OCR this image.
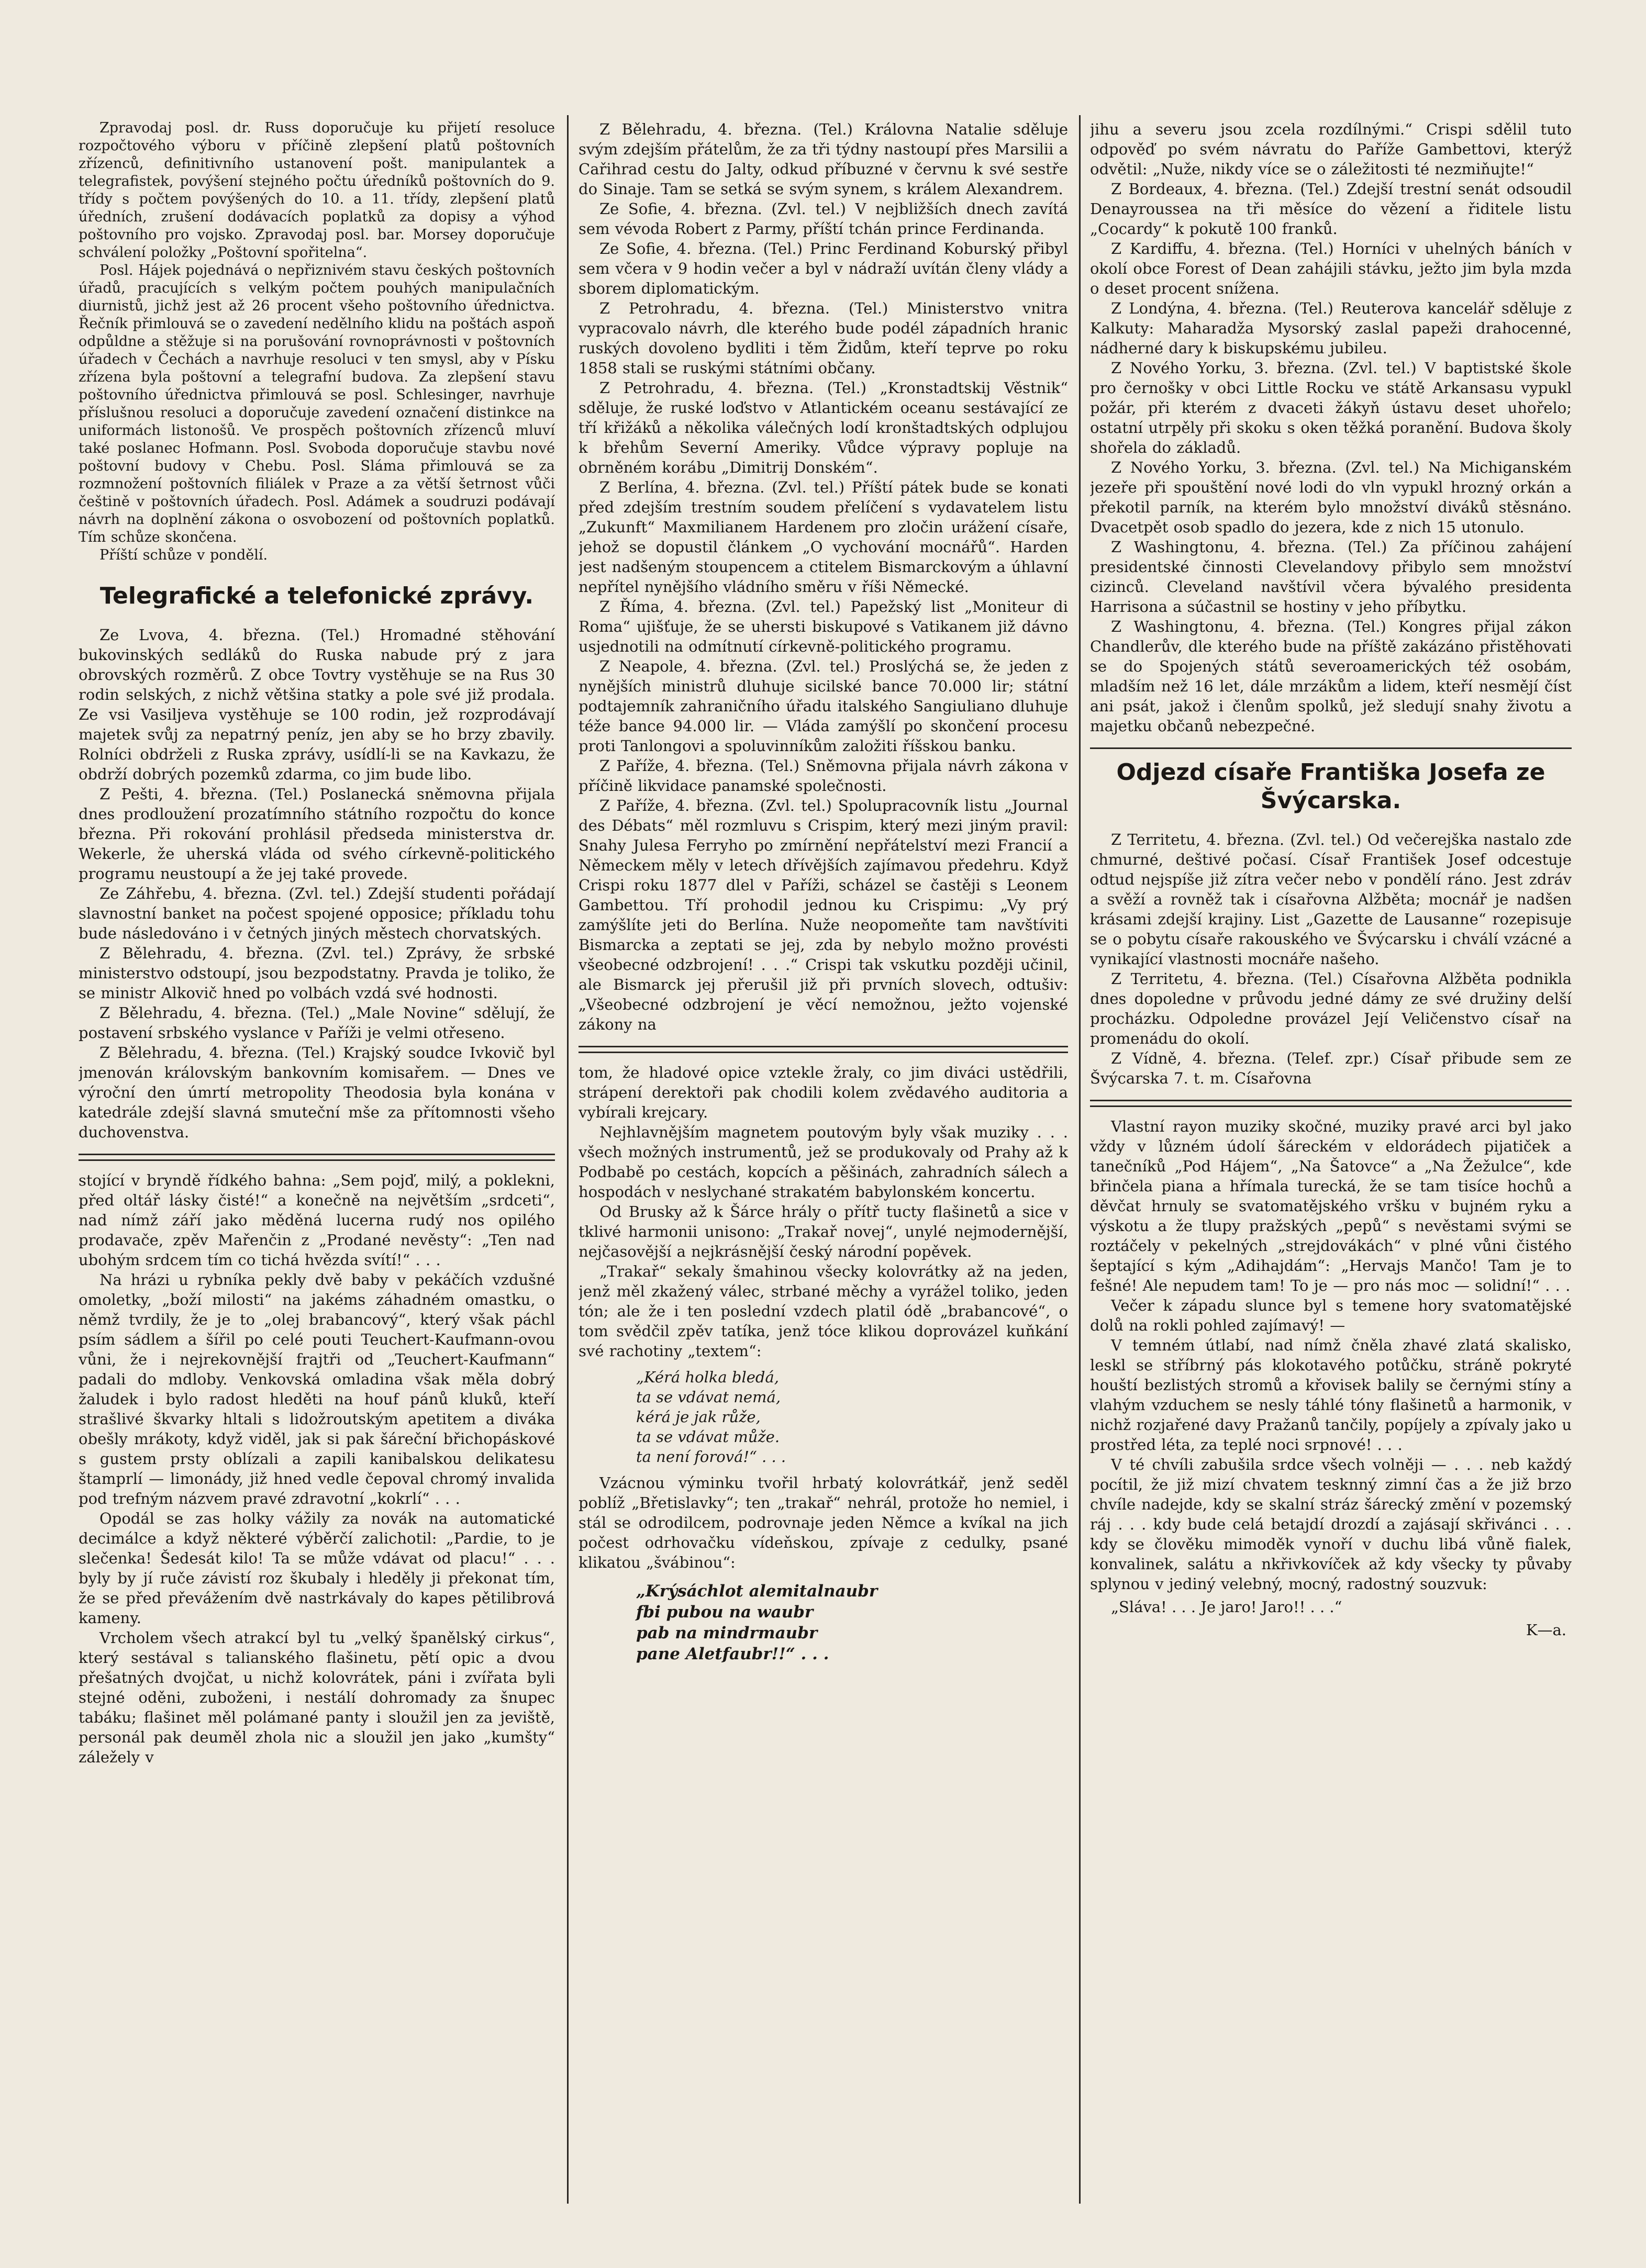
Zpravodaj posl. dr. Russ doporučuje ku přijetí resoluce rozpočtového výboru v příčině zlepšení platů poštovních zřízenců, definitivního ustanovení pošt. manipulantek a telegrafistek, povýšení stejného počtu úředníků poštovních do 9. třídy s počtem povýšených do 10. a 11. třídy, zlepšení platů úředních, zrušení dodávacích poplatků za dopisy a výhod poštovního pro vojsko. Zpravodaj posl. bar. Morsey doporučuje schválení položky „Poštovní spořitelna“.

Posl. Hájek pojednává o nepřiznivém stavu českých poštovních úřadů, pracujících s velkým počtem pouhých manipulačních diurnistů, jichž jest až 26 procent všeho poštovního úřednictva. Řečník přimlouvá se o zavedení nedělního klidu na poštách aspoň odpůldne a stěžuje si na porušování rovnoprávnosti v poštovních úřadech v Čechách a navrhuje resoluci v ten smysl, aby v Písku zřízena byla poštovní a telegrafní budova. Za zlepšení stavu poštovního úřednictva přimlouvá se posl. Schlesinger, navrhuje příslušnou resoluci a doporučuje zavedení označení distinkce na uniformách listonošů. Ve prospěch poštovních zřízenců mluví také poslanec Hofmann. Posl. Svoboda doporučuje stavbu nové poštovní budovy v Chebu. Posl. Sláma přimlouvá se za rozmnožení poštovních filiálek v Praze a za větší šetrnost vůči češtině v poštovních úřadech. Posl. Adámek a soudruzi podávají návrh na doplnění zákona o osvobození od poštovních poplatků. Tím schůze skončena.

Příští schůze v pondělí.

Telegrafické a telefonické zprávy.

Ze Lvova, 4. března. (Tel.) Hromadné stěhování bukovinských sedláků do Ruska nabude prý z jara obrovských rozměrů. Z obce Tovtry vystěhuje se na Rus 30 rodin selských, z nichž většina statky a pole své již prodala. Ze vsi Vasiljeva vystěhuje se 100 rodin, jež rozprodávají majetek svůj za nepatrný peníz, jen aby se ho brzy zbavily. Rolníci obdrželi z Ruska zprávy, usídlí-li se na Kavkazu, že obdrží dobrých pozemků zdarma, co jim bude libo.

Z Pešti, 4. března. (Tel.) Poslanecká sněmovna přijala dnes prodloužení prozatímního státního rozpočtu do konce března. Při rokování prohlásil předseda ministerstva dr. Wekerle, že uherská vláda od svého církevně-politického programu neustoupí a že jej také provede.

Ze Záhřebu, 4. března. (Zvl. tel.) Zdejší studenti pořádají slavnostní banket na počest spojené opposice; příkladu tohu bude následováno i v četných jiných městech chorvatských.

Z Bělehradu, 4. března. (Zvl. tel.) Zprávy, že srbské ministerstvo odstoupí, jsou bezpodstatny. Pravda je toliko, že se ministr Alkovič hned po volbách vzdá své hodnosti.

Z Bělehradu, 4. března. (Tel.) „Male Novine“ sdělují, že postavení srbského vyslance v Paříži je velmi otřeseno.

Z Bělehradu, 4. března. (Tel.) Krajský soudce Ivkovič byl jmenován královským bankovním komisařem. — Dnes ve výroční den úmrtí metropolity Theodosia byla konána v katedrále zdejší slavná smuteční mše za přítomnosti všeho duchovenstva.

stojící v bryndě řídkého bahna: „Sem pojď, milý, a poklekni, před oltář lásky čisté!“ a konečně na největším „srdceti“, nad nímž září jako měděná lucerna rudý nos opilého prodavače, zpěv Mařenčin z „Prodané nevěsty“: „Ten nad ubohým srdcem tím co tichá hvězda svítí!“ . . .

Na hrázi u rybníka pekly dvě baby v pekáčích vzdušné omoletky, „boží milosti“ na jakéms záhadném omastku, o němž tvrdily, že je to „olej brabancový“, který však páchl psím sádlem a šířil po celé pouti Teuchert-Kaufmann-ovou vůni, že i nejrekovnější frajtři od „Teuchert-Kaufmann“ padali do mdloby. Venkovská omladina však měla dobrý žaludek i bylo radost hleděti na houf pánů kluků, kteří strašlivé škvarky hltali s lidožroutským apetitem a diváka obešly mrákoty, když viděl, jak si pak šáreční břichopáskové s gustem prsty oblízali a zapili kanibalskou delikatesu štamprlí — limonády, již hned vedle čepoval chromý invalida pod trefným názvem pravé zdravotní „kokrlí“ . . .

Opodál se zas holky vážily za novák na automatické decimálce a když některé výběrčí zalichotil: „Pardie, to je slečenka! Šedesát kilo! Ta se může vdávat od placu!“ . . . byly by jí ruče závistí roz škubaly i hleděly ji překonat tím, že se před převážením dvě nastrkávaly do kapes pětilibrová kameny.

Vrcholem všech atrakcí byl tu „velký španělský cirkus“, který sestával s talianského flašinetu, pětí opic a dvou přešatných dvojčat, u nichž kolovrátek, páni i zvířata byli stejné oděni, zuboženi, i nestálí dohromady za šnupec tabáku; flašinet měl polámané panty i sloužil jen za jeviště, personál pak deuměl zhola nic a sloužil jen jako „kumšty“ záležely v

Z Bělehradu, 4. března. (Tel.) Královna Natalie sděluje svým zdejším přátelům, že za tři týdny nastoupí přes Marsilii a Cařihrad cestu do Jalty, odkud příbuzné v červnu k své sestře do Sinaje. Tam se setká se svým synem, s králem Alexandrem.

Ze Sofie, 4. března. (Zvl. tel.) V nejbližších dnech zavítá sem vévoda Robert z Parmy, příští tchán prince Ferdinanda.

Ze Sofie, 4. března. (Tel.) Princ Ferdinand Koburský přibyl sem včera v 9 hodin večer a byl v nádraží uvítán členy vlády a sborem diplomatickým.

Z Petrohradu, 4. března. (Tel.) Ministerstvo vnitra vypracovalo návrh, dle kterého bude podél západních hranic ruských dovoleno bydliti i těm Židům, kteří teprve po roku 1858 stali se ruskými státními občany.

Z Petrohradu, 4. března. (Tel.) „Kronstadtskij Věstnik“ sděluje, že ruské loďstvo v Atlantickém oceanu sestávající ze tří křižáků a několika válečných lodí kronštadtských odplujou k břehům Severní Ameriky. Vůdce výpravy popluje na obrněném korábu „Dimitrij Donském“.

Z Berlína, 4. března. (Zvl. tel.) Příští pátek bude se konati před zdejším trestním soudem přelíčení s vydavatelem listu „Zukunft“ Maxmilianem Hardenem pro zločin urážení císaře, jehož se dopustil článkem „O vychování mocnářů“. Harden jest nadšeným stoupencem a ctitelem Bismarckovým a úhlavní nepřítel nynějšího vládního směru v říši Německé.

Z Říma, 4. března. (Zvl. tel.) Papežský list „Moniteur di Roma“ ujišťuje, že se uhersti biskupové s Vatikanem již dávno usjednotili na odmítnutí církevně-politického programu.

Z Neapole, 4. března. (Zvl. tel.) Proslýchá se, že jeden z nynějších ministrů dluhuje sicilské bance 70.000 lir; státní podtajemník zahraničního úřadu italského Sangiuliano dluhuje téže bance 94.000 lir. — Vláda zamýšlí po skončení procesu proti Tanlongovi a spoluvinníkům založiti říšskou banku.

Z Paříže, 4. března. (Tel.) Sněmovna přijala návrh zákona v příčině likvidace panamské společnosti.

Z Paříže, 4. března. (Zvl. tel.) Spolupracovník listu „Journal des Débats“ měl rozmluvu s Crispim, který mezi jiným pravil: Snahy Julesa Ferryho po zmírnění nepřátelství mezi Francií a Německem měly v letech dřívějších zajímavou předehru. Když Crispi roku 1877 dlel v Paříži, scházel se častěji s Leonem Gambettou. Tří prohodil jednou ku Crispimu: „Vy prý zamýšlíte jeti do Berlína. Nuže neopomeňte tam navštíviti Bismarcka a zeptati se jej, zda by nebylo možno provésti všeobecné odzbrojení! . . .“ Crispi tak vskutku později učinil, ale Bismarck jej přerušil již při prvních slovech, odtušiv: „Všeobecné odzbrojení je věcí nemožnou, ježto vojenské zákony na

tom, že hladové opice vztekle žraly, co jim diváci ustědřili, strápení derektoři pak chodili kolem zvědavého auditoria a vybírali krejcary.

Nejhlavnějším magnetem poutovým byly však muziky . . . všech možných instrumentů, jež se produkovaly od Prahy až k Podbabě po cestách, kopcích a pěšinách, zahradních sálech a hospodách v neslychané strakatém babylonském koncertu.

Od Brusky až k Šárce hrály o přítř tucty flašinetů a sice v tklivé harmonii unisono: „Trakař novej“, unylé nejmodernější, nejčasovější a nejkrásnější český národní popěvek.

„Trakař“ sekaly šmahinou všecky kolovrátky až na jeden, jenž měl zkažený válec, strbané měchy a vyrážel toliko, jeden tón; ale že i ten poslední vzdech platil ódě „brabancové“, o tom svědčil zpěv tatíka, jenž tóce klikou doprovázel kuňkání své rachotiny „textem“:

„Kérá holka bledá,
ta se vdávat nemá,
kérá je jak růže,
ta se vdávat může.
ta není forová!“ . . .

Vzácnou výminku tvořil hrbatý kolovrátkář, jenž seděl poblíž „Břetislavky“; ten „trakař“ nehrál, protože ho nemiel, i stál se odrodilcem, podrovnaje jeden Němce a kvíkal na jich počest odrhovačku vídeňskou, zpívaje z cedulky, psané klikatou „švábinou“:

„Krýsáchlot alemitalnaubr
fbi pubou na waubr
pab na mindrmaubr
pane Aletfaubr!!“ . . .

jihu a severu jsou zcela rozdílnými.“ Crispi sdělil tuto odpověď po svém návratu do Paříže Gambettovi, kterýž odvětil: „Nuže, nikdy více se o záležitosti té nezmiňujte!“

Z Bordeaux, 4. března. (Tel.) Zdejší trestní senát odsoudil Denayroussea na tři měsíce do vězení a řiditele listu „Cocardy“ k pokutě 100 franků.

Z Kardiffu, 4. března. (Tel.) Horníci v uhelných báních v okolí obce Forest of Dean zahájili stávku, ježto jim byla mzda o deset procent snížena.

Z Londýna, 4. března. (Tel.) Reuterova kancelář sděluje z Kalkuty: Maharadža Mysorský zaslal papeži drahocenné, nádherné dary k biskupskému jubileu.

Z Nového Yorku, 3. března. (Zvl. tel.) V baptistské škole pro černošky v obci Little Rocku ve státě Arkansasu vypukl požár, při kterém z dvaceti žákyň ústavu deset uhořelo; ostatní utrpěly při skoku s oken těžká poranění. Budova školy shořela do základů.

Z Nového Yorku, 3. března. (Zvl. tel.) Na Michiganském jezeře při spouštění nové lodi do vln vypukl hrozný orkán a překotil parník, na kterém bylo množství diváků stěsnáno. Dvacetpět osob spadlo do jezera, kde z nich 15 utonulo.

Z Washingtonu, 4. března. (Tel.) Za příčinou zahájení presidentské činnosti Clevelandovy přibylo sem množství cizinců. Cleveland navštívil včera bývalého presidenta Harrisona a súčastnil se hostiny v jeho příbytku.

Z Washingtonu, 4. března. (Tel.) Kongres přijal zákon Chandlerův, dle kterého bude na příště zakázáno přistěhovati se do Spojených států severoamerických též osobám, mladším než 16 let, dále mrzákům a lidem, kteří nesmějí číst ani psát, jakož i členům spolků, jež sledují snahy životu a majetku občanů nebezpečné.

Odjezd císaře Františka Josefa ze Švýcarska.

Z Territetu, 4. března. (Zvl. tel.) Od večerejška nastalo zde chmurné, deštivé počasí. Císař František Josef odcestuje odtud nejspíše již zítra večer nebo v pondělí ráno. Jest zdráv a svěží a rovněž tak i císařovna Alžběta; mocnář je nadšen krásami zdejší krajiny. List „Gazette de Lausanne“ rozepisuje se o pobytu císaře rakouského ve Švýcarsku i chválí vzácné a vynikající vlastnosti mocnáře našeho.

Z Territetu, 4. března. (Tel.) Císařovna Alžběta podnikla dnes dopoledne v průvodu jedné dámy ze své družiny delší procházku. Odpoledne provázel Její Veličenstvo císař na promenádu do okolí.

Z Vídně, 4. března. (Telef. zpr.) Císař přibude sem ze Švýcarska 7. t. m. Císařovna

Vlastní rayon muziky skočné, muziky pravé arci byl jako vždy v lůzném údolí šáreckém v eldorádech pijatiček a tanečníků „Pod Hájem“, „Na Šatovce“ a „Na Žežulce“, kde břinčela piana a hřímala turecká, že se tam tisíce hochů a děvčat hrnuly se svatomatějského vršku v bujném ryku a výskotu a že tlupy pražských „pepů“ s nevěstami svými se roztáčely v pekelných „strejdovákách“ v plné vůni čistého šeptající s kým „Adihajdám“: „Hervajs Mančo! Tam je to fešné! Ale nepudem tam! To je — pro nás moc — solidní!“ . . .

Večer k západu slunce byl s temene hory svatomatějské dolů na rokli pohled zajímavý! —

V temném útlabí, nad nímž čněla zhavé zlatá skalisko, leskl se stříbrný pás klokotavého potůčku, stráně pokryté houští bezlistých stromů a křovisek balily se černými stíny a vlahým vzduchem se nesly táhlé tóny flašinetů a harmonik, v nichž rozjařené davy Pražanů tančily, popíjely a zpívaly jako u prostřed léta, za teplé noci srpnové! . . .

V té chvíli zabušila srdce všech volněji — . . . neb každý pocítil, že již mizí chvatem tesknný zimní čas a že již brzo chvíle nadejde, kdy se skalní stráz šárecký změní v pozemský ráj . . . kdy bude celá betajdí drozdí a zajásají skřivánci . . . kdy se člověku mimoděk vynoří v duchu libá vůně fialek, konvalinek, salátu a nkřivkovíček až kdy všecky ty půvaby splynou v jediný velebný, mocný, radostný souzvuk:

„Sláva! . . . Je jaro! Jaro!! . . .“

K—a.
